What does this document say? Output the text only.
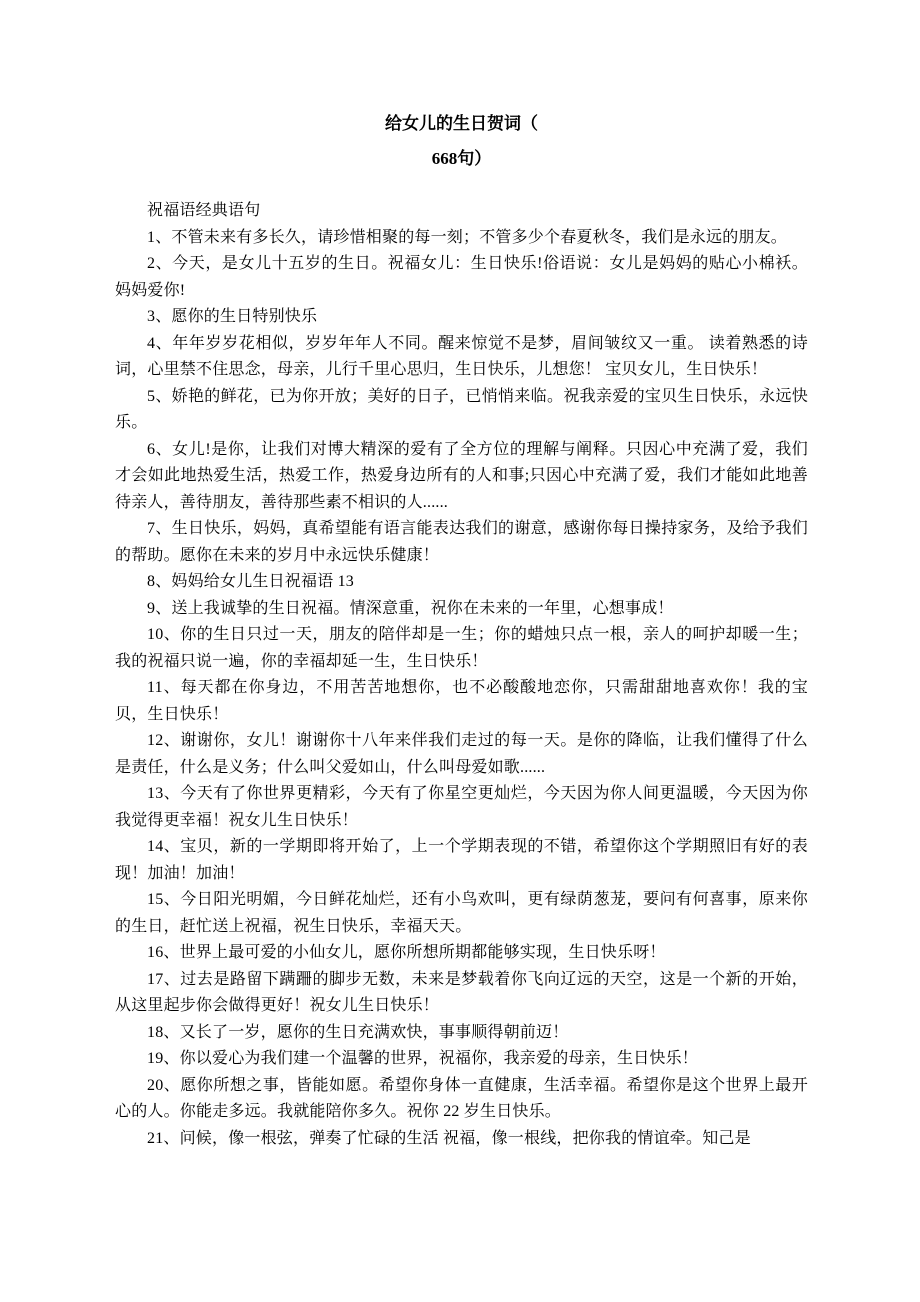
给女儿的生日贺词（
668句）

祝福语经典语句

1、不管未来有多长久，请珍惜相聚的每一刻；不管多少个春夏秋冬，我们是永远的朋友。

2、今天，是女儿十五岁的生日。祝福女儿：生日快乐!俗语说：女儿是妈妈的贴心小棉袄。妈妈爱你!

3、愿你的生日特别快乐

4、年年岁岁花相似，岁岁年年人不同。醒来惊觉不是梦，眉间皱纹又一重。 读着熟悉的诗词，心里禁不住思念，母亲，儿行千里心思归，生日快乐，儿想您！ 宝贝女儿，生日快乐！

5、娇艳的鲜花，已为你开放；美好的日子，已悄悄来临。祝我亲爱的宝贝生日快乐，永远快乐。

6、女儿!是你，让我们对博大精深的爱有了全方位的理解与阐释。只因心中充满了爱，我们才会如此地热爱生活，热爱工作，热爱身边所有的人和事;只因心中充满了爱，我们才能如此地善待亲人，善待朋友，善待那些素不相识的人......

7、生日快乐，妈妈，真希望能有语言能表达我们的谢意，感谢你每日操持家务，及给予我们的帮助。愿你在未来的岁月中永远快乐健康！

8、妈妈给女儿生日祝福语 13

9、送上我诚挚的生日祝福。情深意重，祝你在未来的一年里，心想事成！

10、你的生日只过一天，朋友的陪伴却是一生；你的蜡烛只点一根，亲人的呵护却暖一生；我的祝福只说一遍，你的幸福却延一生，生日快乐！

11、每天都在你身边，不用苦苦地想你，也不必酸酸地恋你，只需甜甜地喜欢你！我的宝贝，生日快乐！

12、谢谢你，女儿！谢谢你十八年来伴我们走过的每一天。是你的降临，让我们懂得了什么是责任，什么是义务；什么叫父爱如山，什么叫母爱如歌......

13、今天有了你世界更精彩，今天有了你星空更灿烂，今天因为你人间更温暖，今天因为你我觉得更幸福！祝女儿生日快乐！

14、宝贝，新的一学期即将开始了，上一个学期表现的不错，希望你这个学期照旧有好的表现！加油！加油！

15、今日阳光明媚，今日鲜花灿烂，还有小鸟欢叫，更有绿荫葱茏，要问有何喜事，原来你的生日，赶忙送上祝福，祝生日快乐，幸福天天。

16、世界上最可爱的小仙女儿，愿你所想所期都能够实现，生日快乐呀！

17、过去是路留下蹒跚的脚步无数，未来是梦载着你飞向辽远的天空，这是一个新的开始，从这里起步你会做得更好！祝女儿生日快乐！

18、又长了一岁，愿你的生日充满欢快，事事顺得朝前迈！

19、你以爱心为我们建一个温馨的世界，祝福你，我亲爱的母亲，生日快乐！

20、愿你所想之事，皆能如愿。希望你身体一直健康，生活幸福。希望你是这个世界上最开心的人。你能走多远。我就能陪你多久。祝你 22 岁生日快乐。

21、问候，像一根弦，弹奏了忙碌的生活 祝福，像一根线，把你我的情谊牵。知己是
